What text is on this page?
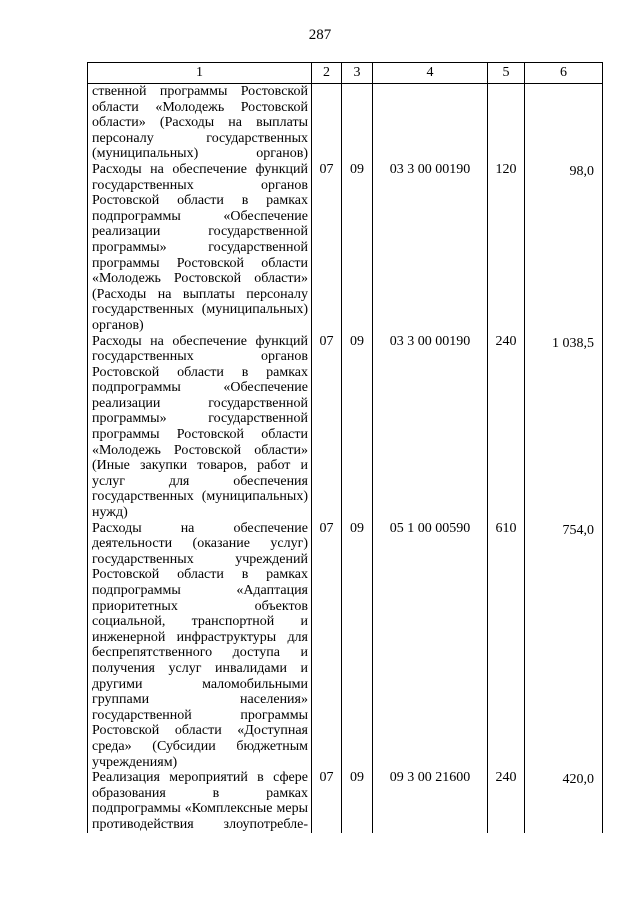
287
1	2	3	4	5	6
ственной программы Ростовской области «Молодежь Ростовской области» (Расходы на выплаты персоналу государственных (муниципальных) органов)					
Расходы на обеспечение функций государственных органов Ростовской области в рамках подпрограммы «Обеспечение реализации государственной программы» государственной программы Ростовской области «Молодежь Ростовской области» (Расходы на выплаты персоналу государственных (муниципальных) органов)	07	09	03 3 00 00190	120	98,0
Расходы на обеспечение функций государственных органов Ростовской области в рамках подпрограммы «Обеспечение реализации государственной программы» государственной программы Ростовской области «Молодежь Ростовской области» (Иные закупки товаров, работ и услуг для обеспечения государственных (муниципальных) нужд)	07	09	03 3 00 00190	240	1 038,5
Расходы на обеспечение деятельности (оказание услуг) государственных учреждений Ростовской области в рамках подпрограммы «Адаптация приоритетных объектов социальной, транспортной и инженерной инфраструктуры для беспрепятственного доступа и получения услуг инвалидами и другими маломобильными группами населения» государственной программы Ростовской области «Доступная среда» (Субсидии бюджетным учреждениям)	07	09	05 1 00 00590	610	754,0
Реализация мероприятий в сфере образования в рамках подпрограммы «Комплексные меры противодействия злоупотребле-	07	09	09 3 00 21600	240	420,0
